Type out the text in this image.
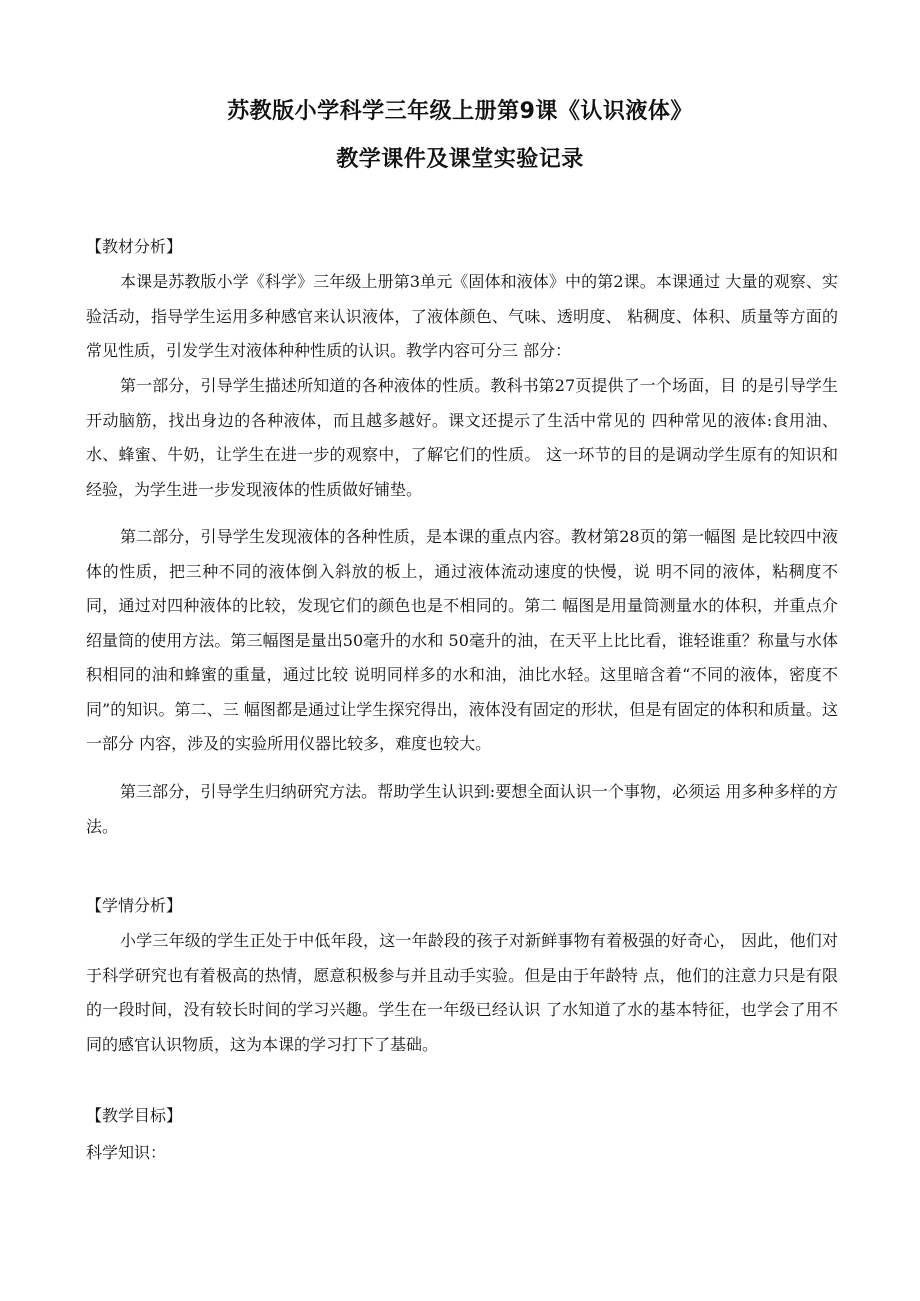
苏教版小学科学三年级上册第9课《认识液体》
教学课件及课堂实验记录
【教材分析】

本课是苏教版小学《科学》三年级上册第3单元《固体和液体》中的第2课。本课通过 大量的观察、实验活动，指导学生运用多种感官来认识液体，了液体颜色、气味、透明度、 粘稠度、体积、质量等方面的常见性质，引发学生对液体种种性质的认识。教学内容可分三 部分：

第一部分，引导学生描述所知道的各种液体的性质。教科书第27页提供了一个场面，目 的是引导学生开动脑筋，找出身边的各种液体，而且越多越好。课文还提示了生活中常见的 四种常见的液体:食用油、水、蜂蜜、牛奶，让学生在进一步的观察中，了解它们的性质。 这一环节的目的是调动学生原有的知识和经验，为学生进一步发现液体的性质做好铺垫。

第二部分，引导学生发现液体的各种性质，是本课的重点内容。教材第28页的第一幅图 是比较四中液体的性质，把三种不同的液体倒入斜放的板上，通过液体流动速度的快慢，说 明不同的液体，粘稠度不同，通过对四种液体的比较，发现它们的颜色也是不相同的。第二 幅图是用量筒测量水的体积，并重点介绍量筒的使用方法。第三幅图是量出50毫升的水和 50毫升的油，在天平上比比看，谁轻谁重？称量与水体积相同的油和蜂蜜的重量，通过比较 说明同样多的水和油，油比水轻。这里暗含着“不同的液体，密度不同”的知识。第二、三 幅图都是通过让学生探究得出，液体没有固定的形状，但是有固定的体积和质量。这一部分 内容，涉及的实验所用仪器比较多，难度也较大。

第三部分，引导学生归纳研究方法。帮助学生认识到:要想全面认识一个事物，必须运 用多种多样的方法。

【学情分析】

小学三年级的学生正处于中低年段，这一年龄段的孩子对新鲜事物有着极强的好奇心， 因此，他们对于科学研究也有着极高的热情，愿意积极参与并且动手实验。但是由于年龄特 点，他们的注意力只是有限的一段时间，没有较长时间的学习兴趣。学生在一年级已经认识 了水知道了水的基本特征，也学会了用不同的感官认识物质，这为本课的学习打下了基础。

【教学目标】
科学知识：
